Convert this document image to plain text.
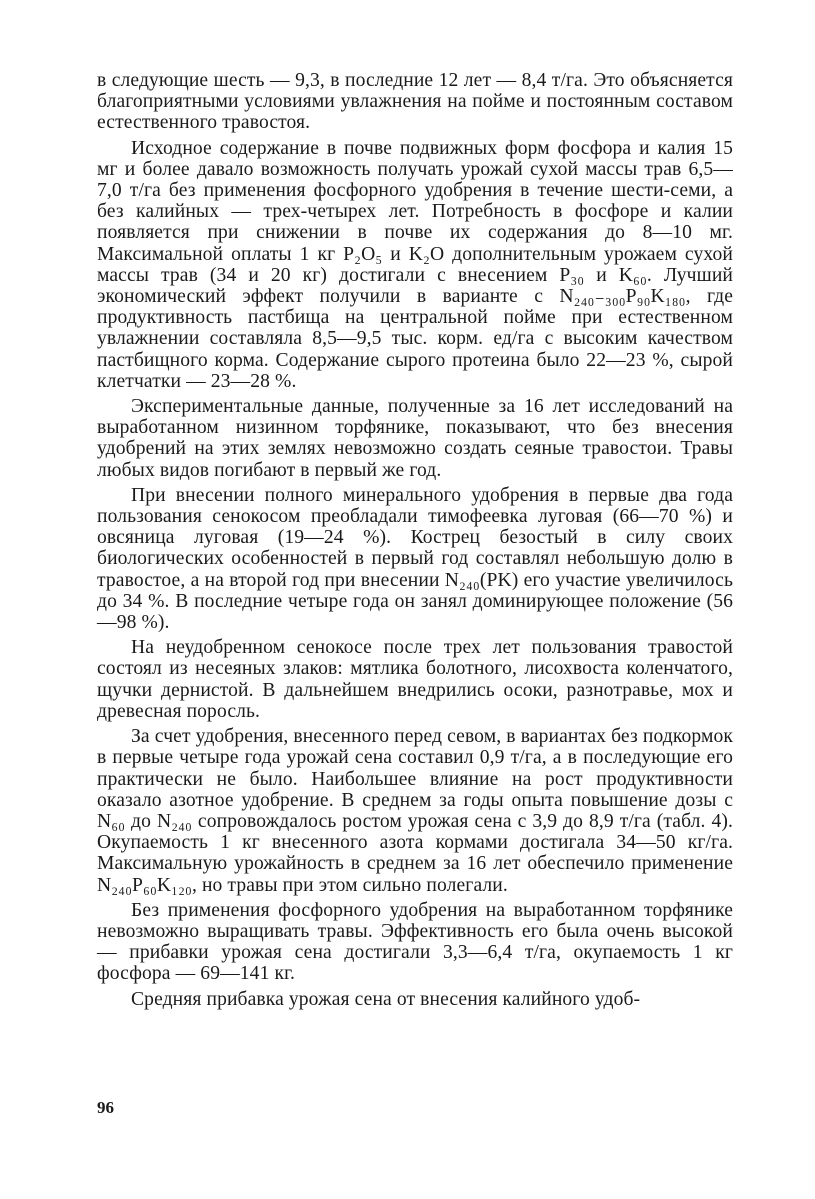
в следующие шесть — 9,3, в последние 12 лет — 8,4 т/га. Это объясняется благоприятными условиями увлажнения на пойме и постоянным составом естественного травостоя.

Исходное содержание в почве подвижных форм фосфора и калия 15 мг и более давало возможность получать урожай сухой массы трав 6,5—7,0 т/га без применения фосфорного удобрения в течение шести-семи, а без калийных — трех-четырех лет. Потребность в фосфоре и калии появляется при снижении в почве их содержания до 8—10 мг. Максимальной оплаты 1 кг P₂O₅ и K₂O дополнительным урожаем сухой массы трав (34 и 20 кг) достигали с внесением P₃₀ и K₆₀. Лучший экономический эффект получили в варианте с N₂₄₀₋₃₀₀P₉₀K₁₈₀, где продуктивность пастбища на центральной пойме при естественном увлажнении составляла 8,5—9,5 тыс. корм. ед/га с высоким качеством пастбищного корма. Содержание сырого протеина было 22—23 %, сырой клетчатки — 23—28 %.

Экспериментальные данные, полученные за 16 лет исследований на выработанном низинном торфянике, показывают, что без внесения удобрений на этих землях невозможно создать сеяные травостои. Травы любых видов погибают в первый же год.

При внесении полного минерального удобрения в первые два года пользования сенокосом преобладали тимофеевка луговая (66—70 %) и овсяница луговая (19—24 %). Кострец безостый в силу своих биологических особенностей в первый год составлял небольшую долю в травостое, а на второй год при внесении N₂₄₀(PK) его участие увеличилось до 34 %. В последние четыре года он занял доминирующее положение (56—98 %).

На неудобренном сенокосе после трех лет пользования травостой состоял из несеяных злаков: мятлика болотного, лисохвоста коленчатого, щучки дернистой. В дальнейшем внедрились осоки, разнотравье, мох и древесная поросль.

За счет удобрения, внесенного перед севом, в вариантах без подкормок в первые четыре года урожай сена составил 0,9 т/га, а в последующие его практически не было. Наибольшее влияние на рост продуктивности оказало азотное удобрение. В среднем за годы опыта повышение дозы с N₆₀ до N₂₄₀ сопровождалось ростом урожая сена с 3,9 до 8,9 т/га (табл. 4). Окупаемость 1 кг внесенного азота кормами достигала 34—50 кг/га. Максимальную урожайность в среднем за 16 лет обеспечило применение N₂₄₀P₆₀K₁₂₀, но травы при этом сильно полегали.

Без применения фосфорного удобрения на выработанном торфянике невозможно выращивать травы. Эффективность его была очень высокой — прибавки урожая сена достигали 3,3—6,4 т/га, окупаемость 1 кг фосфора — 69—141 кг.

Средняя прибавка урожая сена от внесения калийного удоб-

96
